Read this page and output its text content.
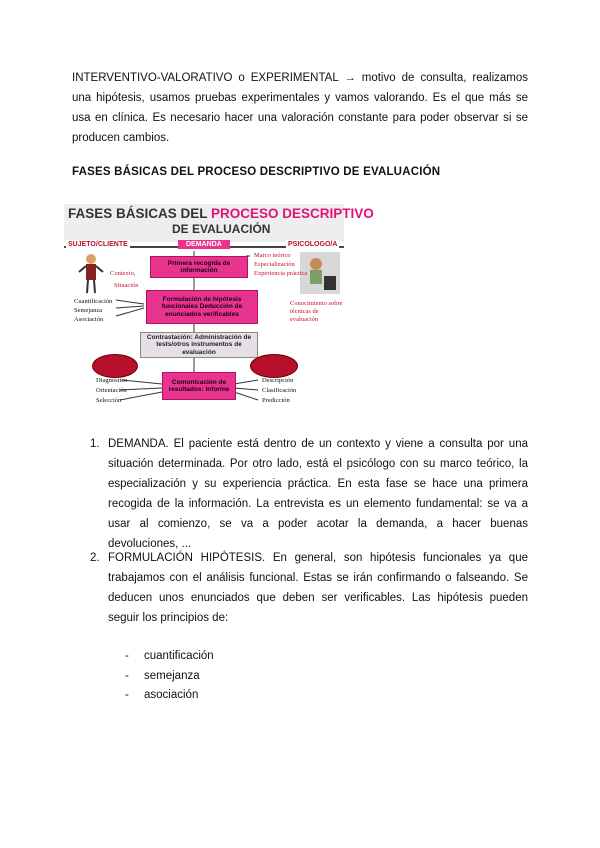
INTERVENTIVO-VALORATIVO o EXPERIMENTAL → motivo de consulta, realizamos una hipótesis, usamos pruebas experimentales y vamos valorando. Es el que más se usa en clínica. Es necesario hacer una valoración constante para poder observar si se producen cambios.
FASES BÁSICAS DEL PROCESO DESCRIPTIVO DE EVALUACIÓN
FASES BÁSICAS DEL PROCESO DESCRIPTIVO
DE EVALUACIÓN
SUJETO/CLIENTE	DEMANDA	PSICOLOGO/A
Contexto,
Situación
Marco teórico
Especialización
Experiencia práctica
Primera recogida de información
Formulación de hipótesis funcionales Deducción de enunciados verificables
Contrastación: Administración de tests/otros instrumentos de evaluación
Comunicación de resultados: Informe
Cuantificación
Semejanza
Asociación
Conocimiento sobre técnicas de evaluación
Diagnóstico
Orientación
Selección
Descripción
Clasificación
Predicción
1. DEMANDA. El paciente está dentro de un contexto y viene a consulta por una situación determinada. Por otro lado, está el psicólogo con su marco teórico, la especialización y su experiencia práctica. En esta fase se hace una primera recogida de la información. La entrevista es un elemento fundamental: se va a usar al comienzo, se va a poder acotar la demanda, a hacer buenas devoluciones, ...
2. FORMULACIÓN HIPÓTESIS. En general, son hipótesis funcionales ya que trabajamos con el análisis funcional. Estas se irán confirmando o falseando. Se deducen unos enunciados que deben ser verificables. Las hipótesis pueden seguir los principios de:
- cuantificación
- semejanza
- asociación
